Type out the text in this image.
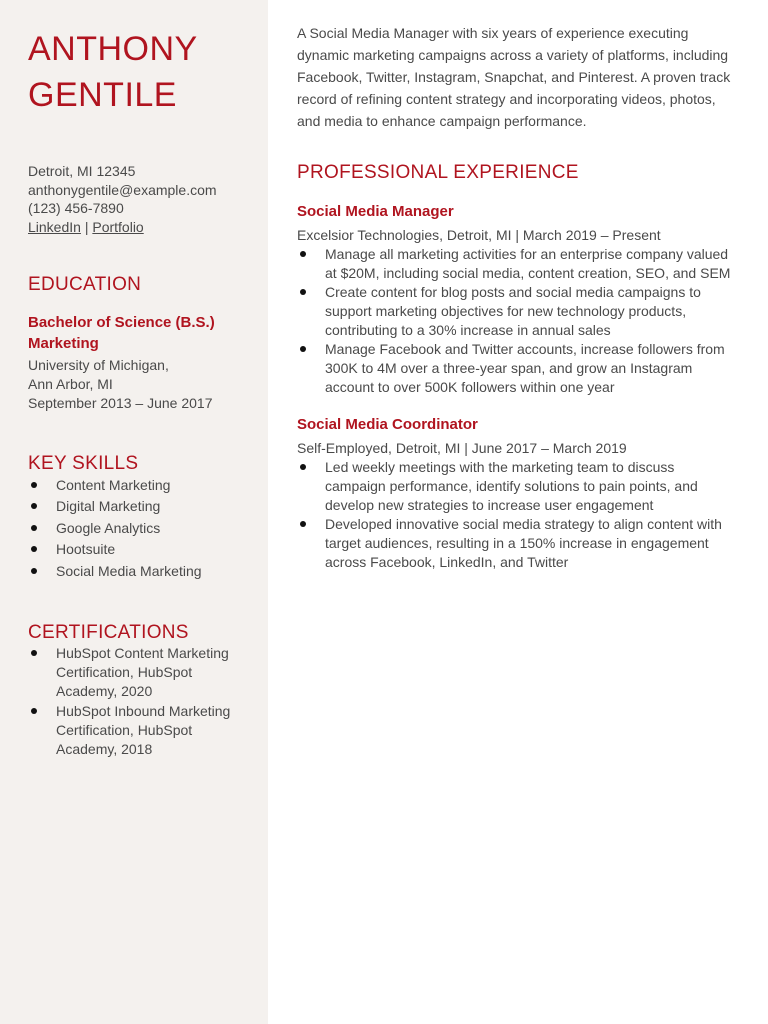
ANTHONY
GENTILE
Detroit, MI 12345
anthonygentile@example.com
(123) 456-7890
LinkedIn | Portfolio
EDUCATION
Bachelor of Science (B.S.)
Marketing
University of Michigan,
Ann Arbor, MI
September 2013 – June 2017
KEY SKILLS
Content Marketing
Digital Marketing
Google Analytics
Hootsuite
Social Media Marketing
CERTIFICATIONS
HubSpot Content Marketing Certification, HubSpot Academy, 2020
HubSpot Inbound Marketing Certification, HubSpot Academy, 2018

A Social Media Manager with six years of experience executing dynamic marketing campaigns across a variety of platforms, including Facebook, Twitter, Instagram, Snapchat, and Pinterest. A proven track record of refining content strategy and incorporating videos, photos, and media to enhance campaign performance.

PROFESSIONAL EXPERIENCE
Social Media Manager
Excelsior Technologies, Detroit, MI | March 2019 – Present
Manage all marketing activities for an enterprise company valued at $20M, including social media, content creation, SEO, and SEM
Create content for blog posts and social media campaigns to support marketing objectives for new technology products, contributing to a 30% increase in annual sales
Manage Facebook and Twitter accounts, increase followers from 300K to 4M over a three-year span, and grow an Instagram account to over 500K followers within one year
Social Media Coordinator
Self-Employed, Detroit, MI | June 2017 – March 2019
Led weekly meetings with the marketing team to discuss campaign performance, identify solutions to pain points, and develop new strategies to increase user engagement
Developed innovative social media strategy to align content with target audiences, resulting in a 150% increase in engagement across Facebook, LinkedIn, and Twitter
